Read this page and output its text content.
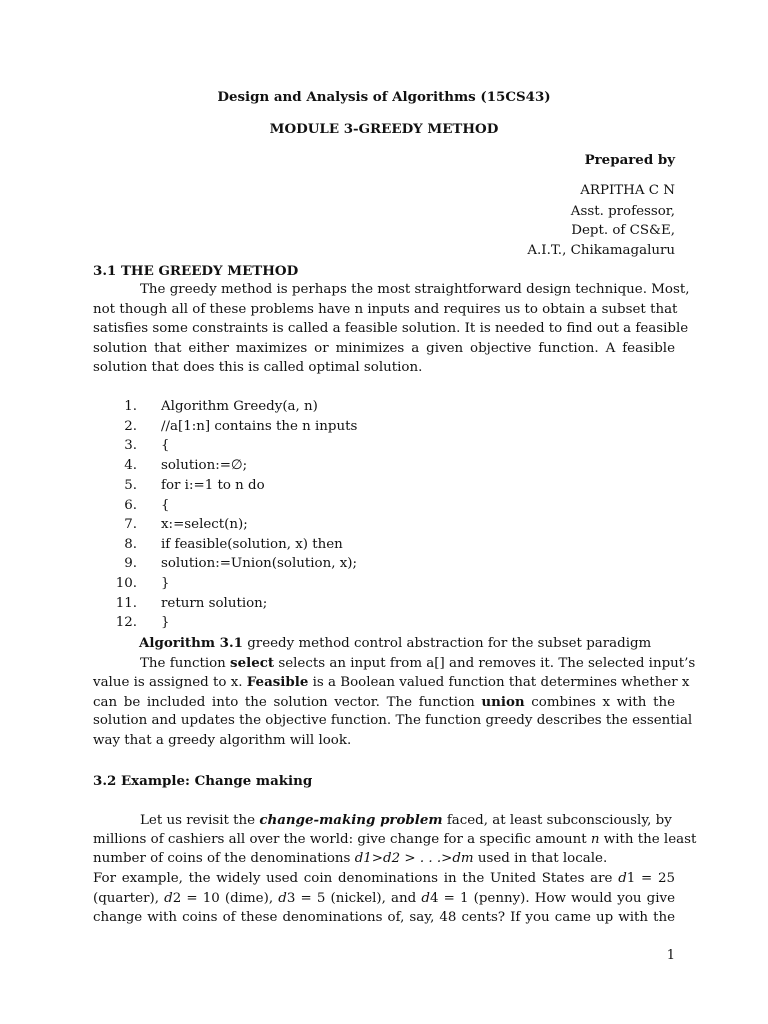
Design and Analysis of Algorithms (15CS43)
MODULE 3-GREEDY METHOD
Prepared by
ARPITHA C N
Asst. professor,
Dept. of CS&E,
A.I.T., Chikamagaluru
3.1 THE GREEDY METHOD
The greedy method is perhaps the most straightforward design technique. Most,
not though all of these problems have n inputs and requires us to obtain a subset that
satisfies some constraints is called a feasible solution. It is needed to find out a feasible
solution that either maximizes or minimizes a given objective function. A feasible
solution that does this is called optimal solution.
1. Algorithm Greedy(a, n)
2. //a[1:n] contains the n inputs
3. {
4. solution:=∅;
5. for i:=1 to n do
6. {
7. x:=select(n);
8. if feasible(solution, x) then
9. solution:=Union(solution, x);
10. }
11. return solution;
12. }
Algorithm 3.1 greedy method control abstraction for the subset paradigm
The function select selects an input from a[] and removes it. The selected input’s
value is assigned to x. Feasible is a Boolean valued function that determines whether x
can be included into the solution vector. The function union combines x with the
solution and updates the objective function. The function greedy describes the essential
way that a greedy algorithm will look.
3.2 Example: Change making
Let us revisit the change-making problem faced, at least subconsciously, by
millions of cashiers all over the world: give change for a specific amount n with the least
number of coins of the denominations d1>d2 > . . .>dm used in that locale.
For example, the widely used coin denominations in the United States are d1 = 25
(quarter), d2 = 10 (dime), d3 = 5 (nickel), and d4 = 1 (penny). How would you give
change with coins of these denominations of, say, 48 cents? If you came up with the
1
